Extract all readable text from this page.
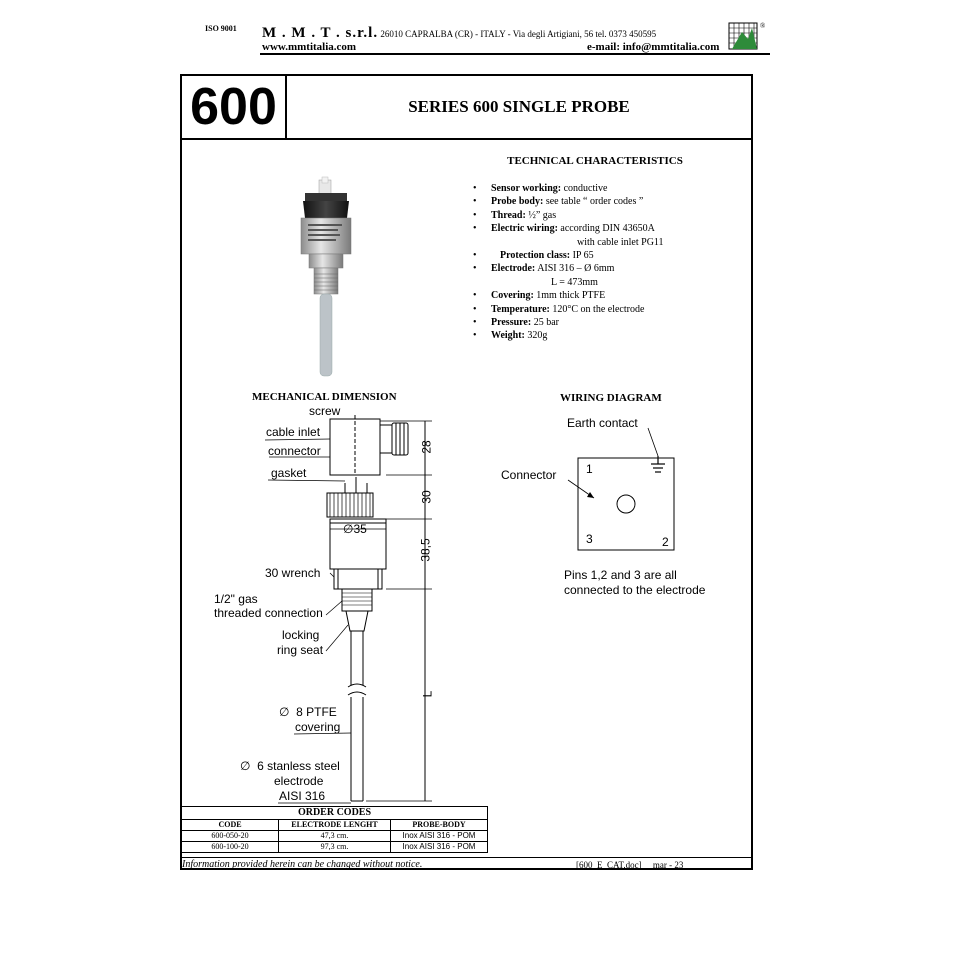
ISO 9001 M . M . T . s.r.l. 26010 CAPRALBA (CR) - ITALY - Via degli Artigiani, 56 tel. 0373 450595
www.mmtitalia.com	e-mail: info@mmtitalia.com
®
600	SERIES 600 SINGLE PROBE
TECHNICAL CHARACTERISTICS
• Sensor working: conductive
• Probe body: see table “ order codes ”
• Thread: ½” gas
• Electric wiring: according DIN 43650A
with cable inlet PG11
• Protection class: IP 65
• Electrode: AISI 316 – Ø 6mm
L = 473mm
• Covering: 1mm thick PTFE
• Temperature: 120°C on the electrode
• Pressure: 25 bar
• Weight: 320g
MECHANICAL DIMENSION
screw
cable inlet
connector
gasket
∅35
30 wrench
1/2" gas
threaded connection
locking
ring seat
∅ 8 PTFE
covering
∅ 6 stanless steel
electrode
AISI 316
28
30
38,5
L
WIRING DIAGRAM
Earth contact
Connector 1
2
3
Pins 1,2 and 3 are all
connected to the electrode
ORDER CODES		
CODE	ELECTRODE LENGHT	PROBE-BODY
600-050-20	47,3 cm.	Inox AISI 316 - POM
600-100-20	97,3 cm.	Inox AISI 316 - POM
Information provided herein can be changed without notice.	[600_E_CAT.doc] mar - 23
